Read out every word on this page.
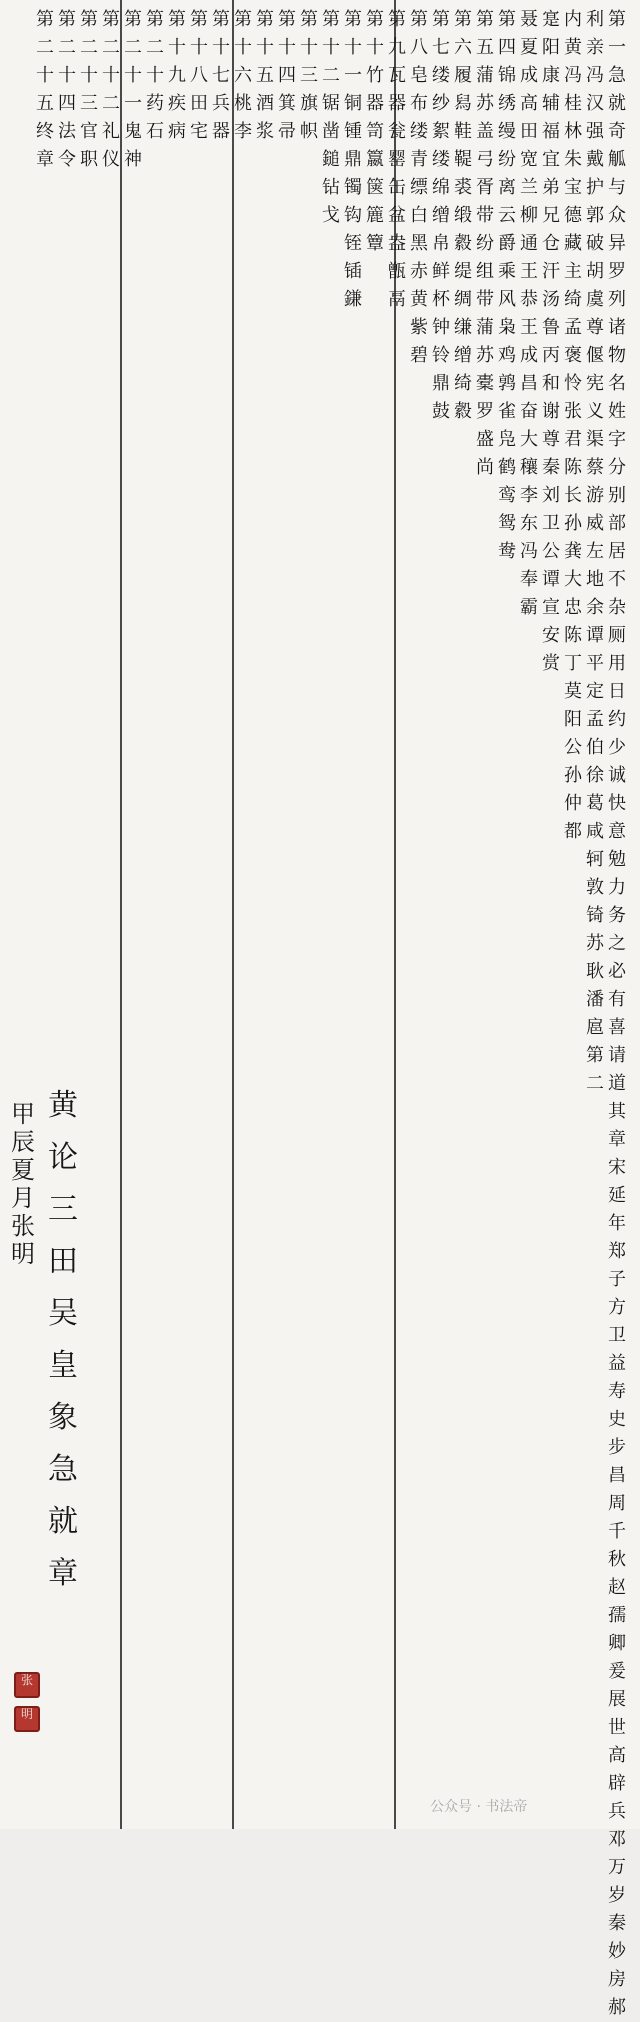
第
一
急
就
奇
觚
与
众
异
罗
列
诸
物
名
姓
字
分
别
部
居
不
杂
厕
用
日
约
少
诚
快
意
勉
力
务
之
必
有
喜
请
道
其
章
宋
延
年
郑
子
方
卫
益
寿
史
步
昌
周
千
秋
赵
孺
卿
爰
展
世
高
辟
兵
邓
万
岁
秦
妙
房
郝
利
亲
冯
汉
强
戴
护
郭
破
胡
虞
尊
偃
宪
义
渠
蔡
游
威
左
地
余
谭
平
定
孟
伯
徐
葛
咸
轲
敦
锜
苏
耿
潘
扈
第
二
内
黄
冯
桂
林
朱
宝
德
藏
主
绮
孟
褒
怜
张
君
陈
长
孙
龚
大
忠
陈
丁
莫
阳
公
孙
仲
都
寔
阳
康
辅
福
宜
弟
兄
仓
汗
汤
鲁
丙
和
谢
尊
秦
刘
卫
公
谭
宣
安
赏
聂
夏
成
高
田
宽
兰
柳
通
王
恭
王
成
昌
奋
大
穰
李
东
冯
奉
霸
第
四
锦
绣
缦
纷
离
云
爵
乘
风
枭
鸡
鹑
雀
凫
鹤
鸾
鸳
鸯
第
五
蒲
苏
盖
弓
胥
带
纷
组
带
蒲
苏
橐
罗
盛
尚
第
六
履
舄
鞋
鞮
裘
缎
縠
缇
绸
缣
缯
绮
縠
第
七
缕
纱
絮
缕
绵
缯
帛
鲜
杯
钟
铃
鼎
鼓
第
八
皂
布
缕
青
缥
白
黑
赤
黄
紫
碧
第
九
瓦
器
瓮
罂
缶
盆
盎
甑
鬲
第
十
竹
器
笥
籝
箧
簏
簟
第
十
一
铜
锺
鼎
镯
钩
铚
锸
鎌
第
十
二
锯
凿
鎚
钻
戈
第
十
三
旗
帜
第
十
四
箕
帚
第
十
五
酒
浆
第
十
六
桃
李
第
十
七
兵
器
第
十
八
田
宅
第
十
九
疾
病
第
二
十
药
石
第
二
十
一
鬼
神
第
二
十
二
礼
仪
第
二
十
三
官
职
第
二
十
四
法
令
第
二
十
五
终
章
黄
论
三
田
吴
皇
象
急
就
章
甲
辰
夏
月
张
明
张
明
公众号 · 书法帝
